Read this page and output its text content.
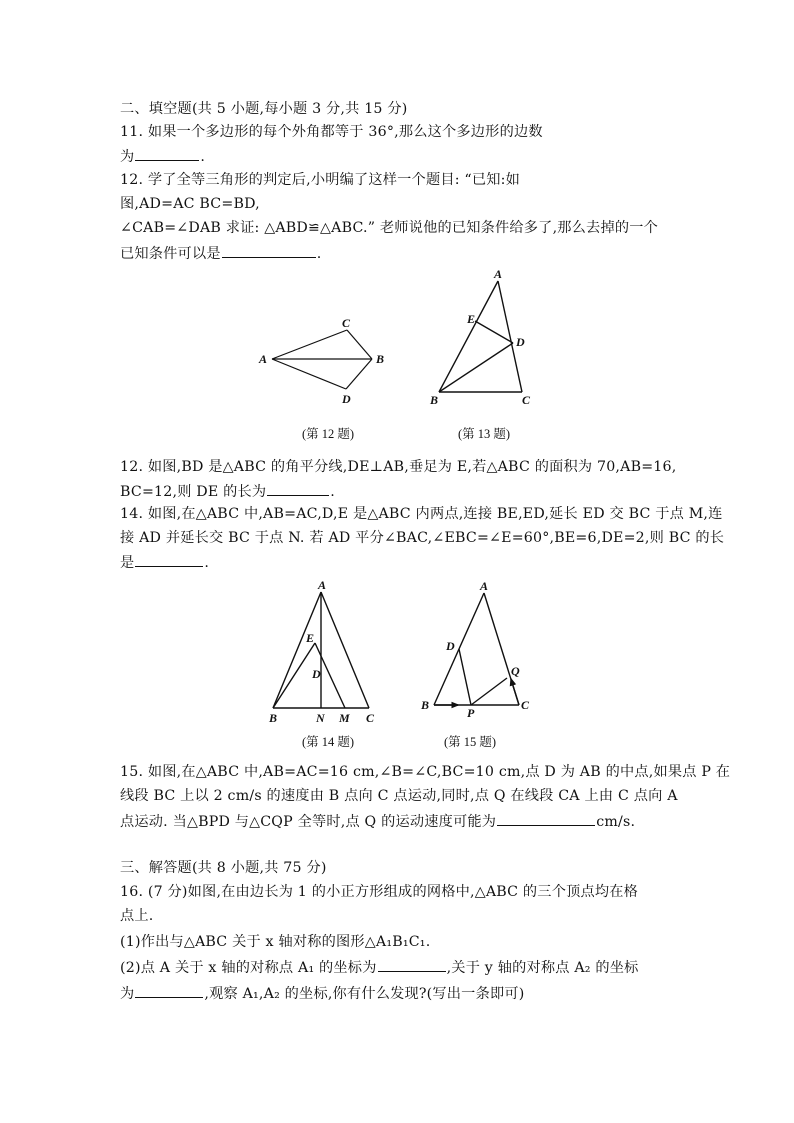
二、填空题(共 5 小题,每小题 3 分,共 15 分)
11. 如果一个多边形的每个外角都等于 36°,那么这个多边形的边数
为	.
12. 学了全等三角形的判定后,小明编了这样一个题目: “已知:如
图,AD=AC BC=BD,
∠CAB=∠DAB 求证: △ABD≌△ABC.” 老师说他的已知条件给多了,那么去掉的一个
已知条件可以是	.
A
C
B
D
(第 12 题)
A
E
D
B	C
(第 13 题)
12. 如图,BD 是△ABC 的角平分线,DE⊥AB,垂足为 E,若△ABC 的面积为 70,AB=16,
BC=12,则 DE 的长为	.
14. 如图,在△ABC 中,AB=AC,D,E 是△ABC 内两点,连接 BE,ED,延长 ED 交 BC 于点 M,连
接 AD 并延长交 BC 于点 N. 若 AD 平分∠BAC,∠EBC=∠E=60°,BE=6,DE=2,则 BC 的长
是	.
A
E
D
B	N M C
(第 14 题)
A
D
Q
B
P
C
(第 15 题)
15. 如图,在△ABC 中,AB=AC=16 cm,∠B=∠C,BC=10 cm,点 D 为 AB 的中点,如果点 P 在
线段 BC 上以 2 cm/s 的速度由 B 点向 C 点运动,同时,点 Q 在线段 CA 上由 C 点向 A
点运动. 当△BPD 与△CQP 全等时,点 Q 的运动速度可能为	cm/s.
三、解答题(共 8 小题,共 75 分)
16. (7 分)如图,在由边长为 1 的小正方形组成的网格中,△ABC 的三个顶点均在格
点上.
(1)作出与△ABC 关于 x 轴对称的图形△A₁B₁C₁.
(2)点 A 关于 x 轴的对称点 A₁ 的坐标为	,关于 y 轴的对称点 A₂ 的坐标
为	,观察 A₁,A₂ 的坐标,你有什么发现?(写出一条即可)
